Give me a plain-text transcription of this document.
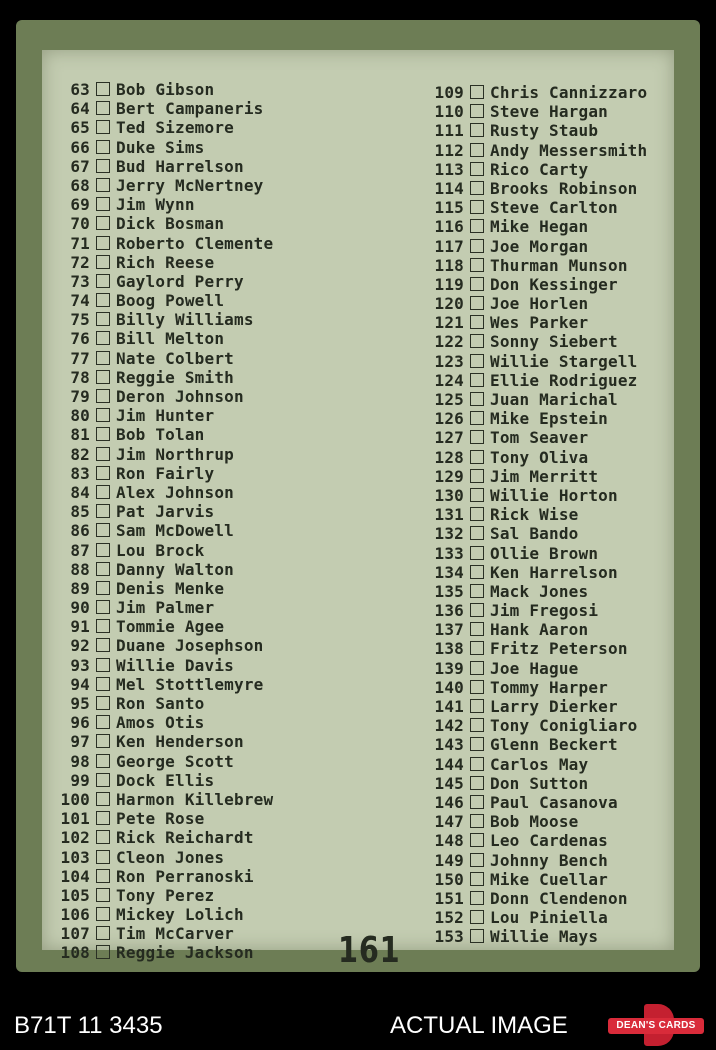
63 Bob Gibson
64 Bert Campaneris
65 Ted Sizemore
66 Duke Sims
67 Bud Harrelson
68 Jerry McNertney
69 Jim Wynn
70 Dick Bosman
71 Roberto Clemente
72 Rich Reese
73 Gaylord Perry
74 Boog Powell
75 Billy Williams
76 Bill Melton
77 Nate Colbert
78 Reggie Smith
79 Deron Johnson
80 Jim Hunter
81 Bob Tolan
82 Jim Northrup
83 Ron Fairly
84 Alex Johnson
85 Pat Jarvis
86 Sam McDowell
87 Lou Brock
88 Danny Walton
89 Denis Menke
90 Jim Palmer
91 Tommie Agee
92 Duane Josephson
93 Willie Davis
94 Mel Stottlemyre
95 Ron Santo
96 Amos Otis
97 Ken Henderson
98 George Scott
99 Dock Ellis
100 Harmon Killebrew
101 Pete Rose
102 Rick Reichardt
103 Cleon Jones
104 Ron Perranoski
105 Tony Perez
106 Mickey Lolich
107 Tim McCarver
108 Reggie Jackson
109 Chris Cannizzaro
110 Steve Hargan
111 Rusty Staub
112 Andy Messersmith
113 Rico Carty
114 Brooks Robinson
115 Steve Carlton
116 Mike Hegan
117 Joe Morgan
118 Thurman Munson
119 Don Kessinger
120 Joe Horlen
121 Wes Parker
122 Sonny Siebert
123 Willie Stargell
124 Ellie Rodriguez
125 Juan Marichal
126 Mike Epstein
127 Tom Seaver
128 Tony Oliva
129 Jim Merritt
130 Willie Horton
131 Rick Wise
132 Sal Bando
133 Ollie Brown
134 Ken Harrelson
135 Mack Jones
136 Jim Fregosi
137 Hank Aaron
138 Fritz Peterson
139 Joe Hague
140 Tommy Harper
141 Larry Dierker
142 Tony Conigliaro
143 Glenn Beckert
144 Carlos May
145 Don Sutton
146 Paul Casanova
147 Bob Moose
148 Leo Cardenas
149 Johnny Bench
150 Mike Cuellar
151 Donn Clendenon
152 Lou Piniella
153 Willie Mays
161
B71T 11 3435	ACTUAL IMAGE	DEAN'S CARDS
